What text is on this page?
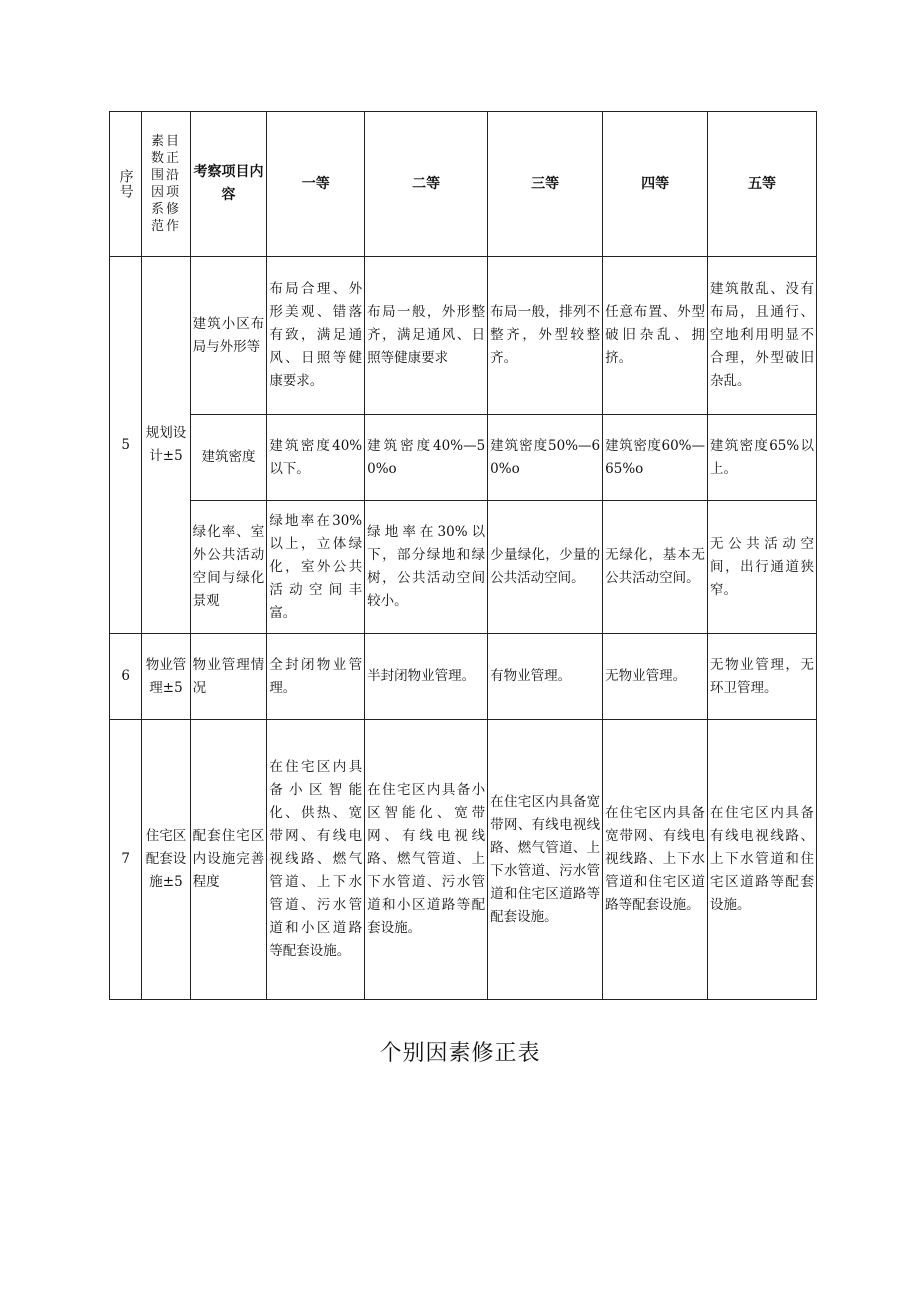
序号	素目数正围沿因项系修范作	考察项目内容	一等	二等	三等	四等	五等
5	规划设计±5	建筑小区布局与外形等	布局合理、外形美观、错落有致，满足通风、日照等健康要求。	布局一般，外形整齐，满足通风、日照等健康要求	布局一般，排列不整齐，外型较整齐。	任意布置、外型破旧杂乱、拥挤。	建筑散乱、没有布局，且通行、空地利用明显不合理，外型破旧杂乱。
		建筑密度	建筑密度40%以下。	建筑密度40%—50%o	建筑密度50%—60%o	建筑密度60%—65%o	建筑密度65%以上。
		绿化率、室外公共活动空间与绿化景观	绿地率在30%以上，立体绿化，室外公共活动空间丰富。	绿地率在30%以下，部分绿地和绿树，公共活动空间较小。	少量绿化，少量的公共活动空间。	无绿化，基本无公共活动空间。	无公共活动空间，出行通道狭窄。
6	物业管理±5	物业管理情况	全封闭物业管理。	半封闭物业管理。	有物业管理。	无物业管理。	无物业管理，无环卫管理。
7	住宅区配套设施±5	配套住宅区内设施完善程度	在住宅区内具备小区智能化、供热、宽带网、有线电视线路、燃气管道、上下水管道、污水管道和小区道路等配套设施。	在住宅区内具备小区智能化、宽带网、有线电视线路、燃气管道、上下水管道、污水管道和小区道路等配套设施。	在住宅区内具备宽带网、有线电视线路、燃气管道、上下水管道、污水管道和住宅区道路等配套设施。	在住宅区内具备宽带网、有线电视线路、上下水管道和住宅区道路等配套设施。	在住宅区内具备有线电视线路、上下水管道和住宅区道路等配套设施。
个别因素修正表
